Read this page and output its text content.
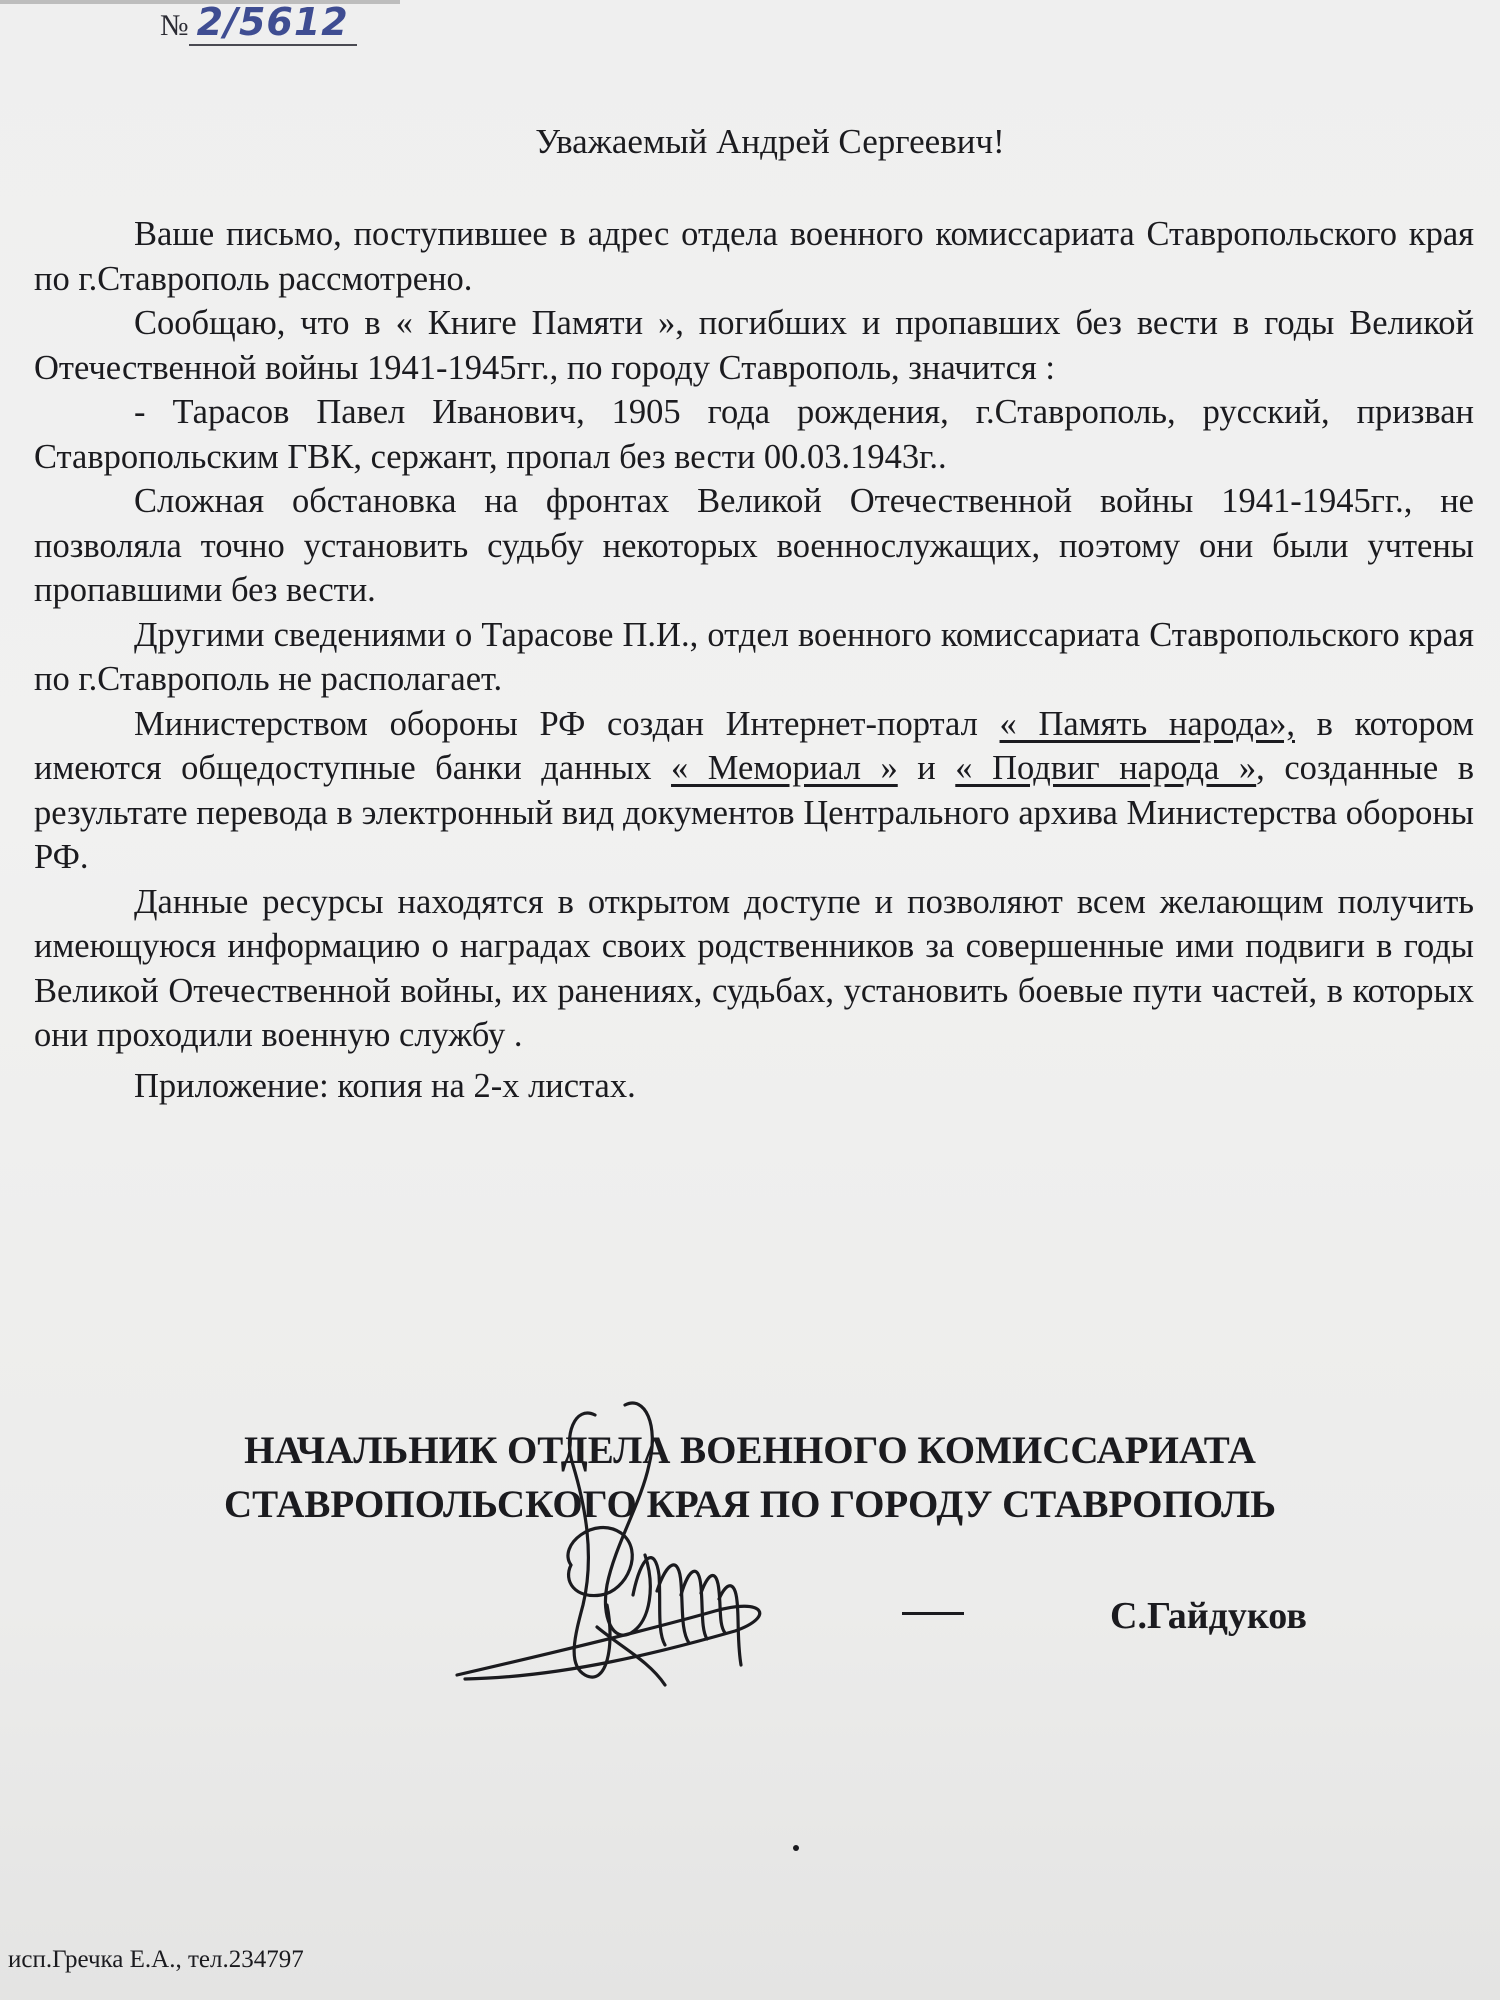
№ 2/5612
Уважаемый Андрей Сергеевич!

Ваше письмо, поступившее в адрес отдела военного комиссариата Ставропольского края по г.Ставрополь рассмотрено.

Сообщаю, что в « Книге Памяти », погибших и пропавших без вести в годы Великой Отечественной войны 1941-1945гг., по городу Ставрополь, значится :

- Тарасов Павел Иванович, 1905 года рождения, г.Ставрополь, русский, призван Ставропольским ГВК, сержант, пропал без вести 00.03.1943г..

Сложная обстановка на фронтах Великой Отечественной войны 1941-1945гг., не позволяла точно установить судьбу некоторых военнослужащих, поэтому они были учтены пропавшими без вести.

Другими сведениями о Тарасове П.И., отдел военного комиссариата Ставропольского края по г.Ставрополь не располагает.

Министерством обороны РФ создан Интернет-портал « Память народа», в котором имеются общедоступные банки данных « Мемориал » и « Подвиг народа », созданные в результате перевода в электронный вид документов Центрального архива Министерства обороны РФ.

Данные ресурсы находятся в открытом доступе и позволяют всем желающим получить имеющуюся информацию о наградах своих родственников за совершенные ими подвиги в годы Великой Отечественной войны, их ранениях, судьбах, установить боевые пути частей, в которых они проходили военную службу .

Приложение: копия на 2-х листах.

НАЧАЛЬНИК ОТДЕЛА ВОЕННОГО КОМИССАРИАТА
СТАВРОПОЛЬСКОГО КРАЯ ПО ГОРОДУ СТАВРОПОЛЬ
С.Гайдуков
исп.Гречка Е.А., тел.234797
